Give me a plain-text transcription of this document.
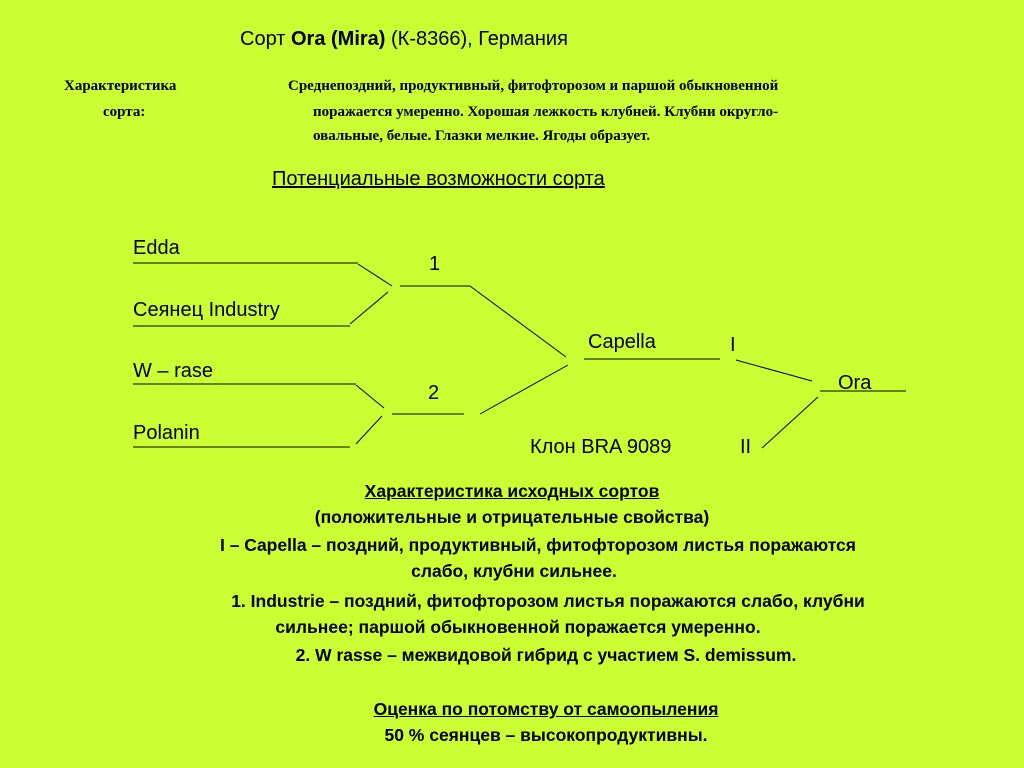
Сорт Ora (Mira) (К-8366), Германия
Характеристика
сорта:
Среднепоздний, продуктивный, фитофторозом и паршой обыкновенной
поражается умеренно. Хорошая лежкость клубней. Клубни округло-
овальные, белые. Глазки мелкие. Ягоды образует.
Потенциальные возможности сорта
Edda
Сеянец Industry
W – rase
Polanin
1
2
Capella	I
Клон BRA 9089	II
Ora
Характеристика исходных сортов
(положительные и отрицательные свойства)
I – Capella – поздний, продуктивный, фитофторозом листья поражаются
слабо, клубни сильнее.
1. Industrie – поздний, фитофторозом листья поражаются слабо, клубни
сильнее; паршой обыкновенной поражается умеренно.
2. W rasse – межвидовой гибрид с участием S. demissum.
Оценка по потомству от самоопыления
50 % сеянцев – высокопродуктивны.
